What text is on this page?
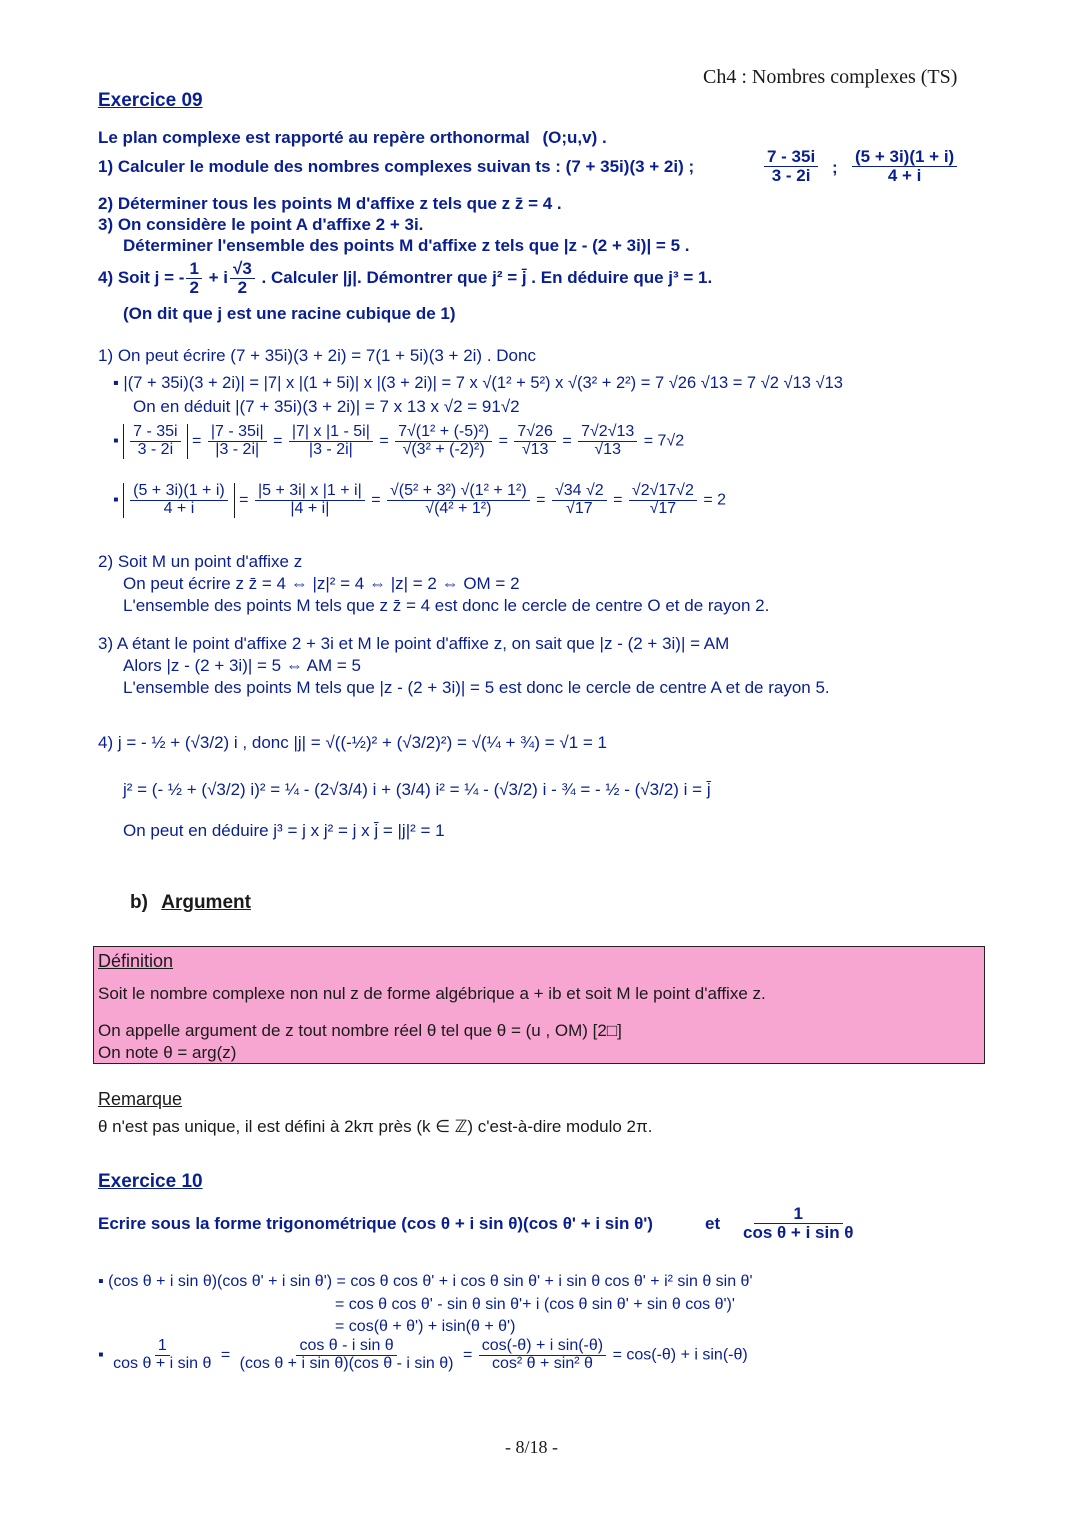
Ch4 : Nombres complexes (TS)
Exercice 09
Le plan complexe est rapporté au repère orthonormal (O;u,v) .
1) Calculer le module des nombres complexes suivan ts : (7 + 35i)(3 + 2i) ;	$\frac{7 - 35i}{3 - 2i}$ ; $\frac{(5 + 3i)(1 + i)}{4 + i}$
2) Déterminer tous les points M d'affixe z tels que z z̄ = 4 .
3) On considère le point A d'affixe 2 + 3i.
Déterminer l'ensemble des points M d'affixe z tels que |z - (2 + 3i)| = 5 .
4) Soit j = - $\frac{1}{2} + i \frac{√3}{2}$ . Calculer |j|. Démontrer que j² = j̄ . En déduire que j³ = 1.
(On dit que j est une racine cubique de 1)
1) On peut écrire (7 + 35i)(3 + 2i) = 7(1 + 5i)(3 + 2i) . Donc
▪ |(7 + 35i)(3 + 2i)| = |7| x |(1 + 5i)| x |(3 + 2i)| = 7 x √(1² + 5²) x √(3² + 2²) = 7 √26 √13 = 7 √2 √13 √13
On en déduit |(7 + 35i)(3 + 2i)| = 7 x 13 x √2 = 91√2
▪ $\frac{7 - 35i}{3 - 2i} = \frac{|7 - 35i|}{|3 - 2i|} = \frac{|7| x |1 - 5i|}{|3 - 2i|} = \frac{\text{7√(1² + (-5)²)}}{\text{√(3² + (-2)²)}} = \frac{7√26}{√13} = \frac{7√2√13}{√13} = 7√2$
▪ $\frac{(5 + 3i)(1 + i)}{4 + i} = \frac{|5 + 3i| x |1 + i|}{|4 + i|} = \frac{\text{√(5² + 3²) √(1² + 1²)}}{\text{√(4² + 1²)}} = \frac{√34 √2}{√17} = \frac{√2√17√2}{√17} = 2$
2) Soit M un point d'affixe z
On peut écrire z z̄ = 4 ⇔ |z|² = 4 ⇔ |z| = 2 ⇔ OM = 2
L'ensemble des points M tels que z z̄ = 4 est donc le cercle de centre O et de rayon 2.
3) A étant le point d'affixe 2 + 3i et M le point d'affixe z, on sait que |z - (2 + 3i)| = AM
Alors |z - (2 + 3i)| = 5 ⇔ AM = 5
L'ensemble des points M tels que |z - (2 + 3i)| = 5 est donc le cercle de centre A et de rayon 5.
4) j = - ½ + (√3/2) i , donc |j| = √((-½)² + (√3/2)²) = √(¼ + ¾) = √1 = 1
j² = (- ½ + (√3/2) i)² = ¼ - (2√3/4) i + (3/4) i² = ¼ - (√3/2) i - ¾ = - ½ - (√3/2) i = j̄
On peut en déduire j³ = j x j² = j x j̄ = |j|² = 1
b) Argument
Définition
Soit le nombre complexe non nul z de forme algébrique a + ib et soit M le point d'affixe z.
On appelle argument de z tout nombre réel θ tel que θ = (u , OM) [2□]
On note θ = arg(z)
Remarque
θ n'est pas unique, il est défini à 2kπ près (k ∈ ℤ) c'est-à-dire modulo 2π.
Exercice 10
Ecrire sous la forme trigonométrique (cos θ + i sin θ)(cos θ' + i sin θ')	et $\frac{1}{\text{cos θ + i sin θ}}$
▪ (cos θ + i sin θ)(cos θ' + i sin θ') = cos θ cos θ' + i cos θ sin θ' + i sin θ cos θ' + i² sin θ sin θ'
= cos θ cos θ' - sin θ sin θ'+ i (cos θ sin θ' + sin θ cos θ')'
= cos(θ + θ') + isin(θ + θ')
▪ $\frac{1}{\text{cos θ + i sin θ}} = \frac{\text{cos θ - i sin θ}}{\text{(cos θ + i sin θ)(cos θ - i sin θ)}} = \frac{\text{cos(-θ) + i sin(-θ)}}{\text{cos² θ + sin² θ}} = \cos(-\theta) + i$ sin(-θ)
- 8/18 -
